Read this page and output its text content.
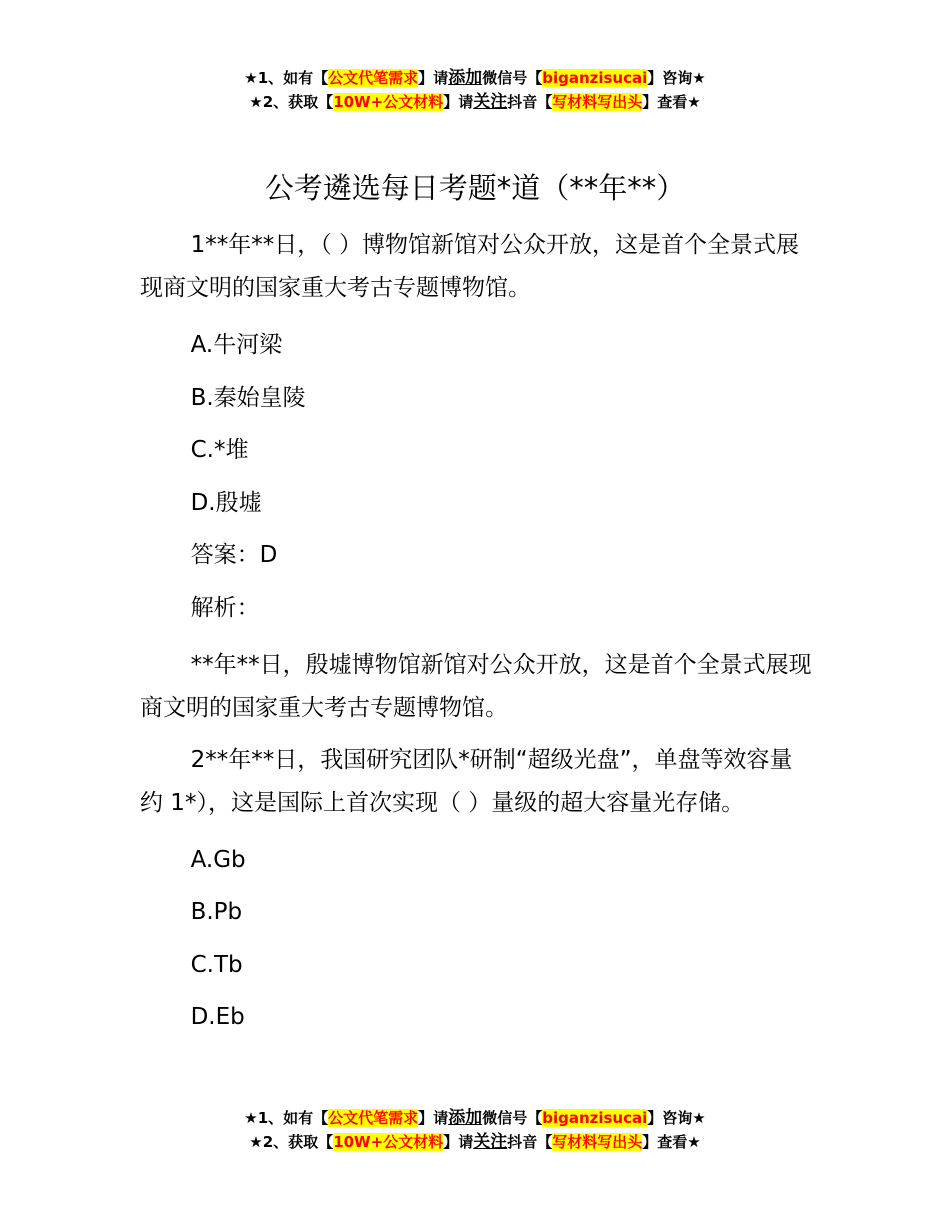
★1、如有【公文代笔需求】请添加微信号【biganzisucai】咨询★
★2、获取【10W+公文材料】请关注抖音【写材料写出头】查看★
公考遴选每日考题*道（**年**）

1**年**日，（ ）博物馆新馆对公众开放，这是首个全景式展现商文明的国家重大考古专题博物馆。

A.牛河梁

B.秦始皇陵

C.*堆

D.殷墟

答案：D

解析：

**年**日，殷墟博物馆新馆对公众开放，这是首个全景式展现商文明的国家重大考古专题博物馆。

2**年**日，我国研究团队*研制“超级光盘”，单盘等效容量约 1*），这是国际上首次实现（ ）量级的超大容量光存储。

A.Gb

B.Pb

C.Tb

D.Eb

★1、如有【公文代笔需求】请添加微信号【biganzisucai】咨询★
★2、获取【10W+公文材料】请关注抖音【写材料写出头】查看★
